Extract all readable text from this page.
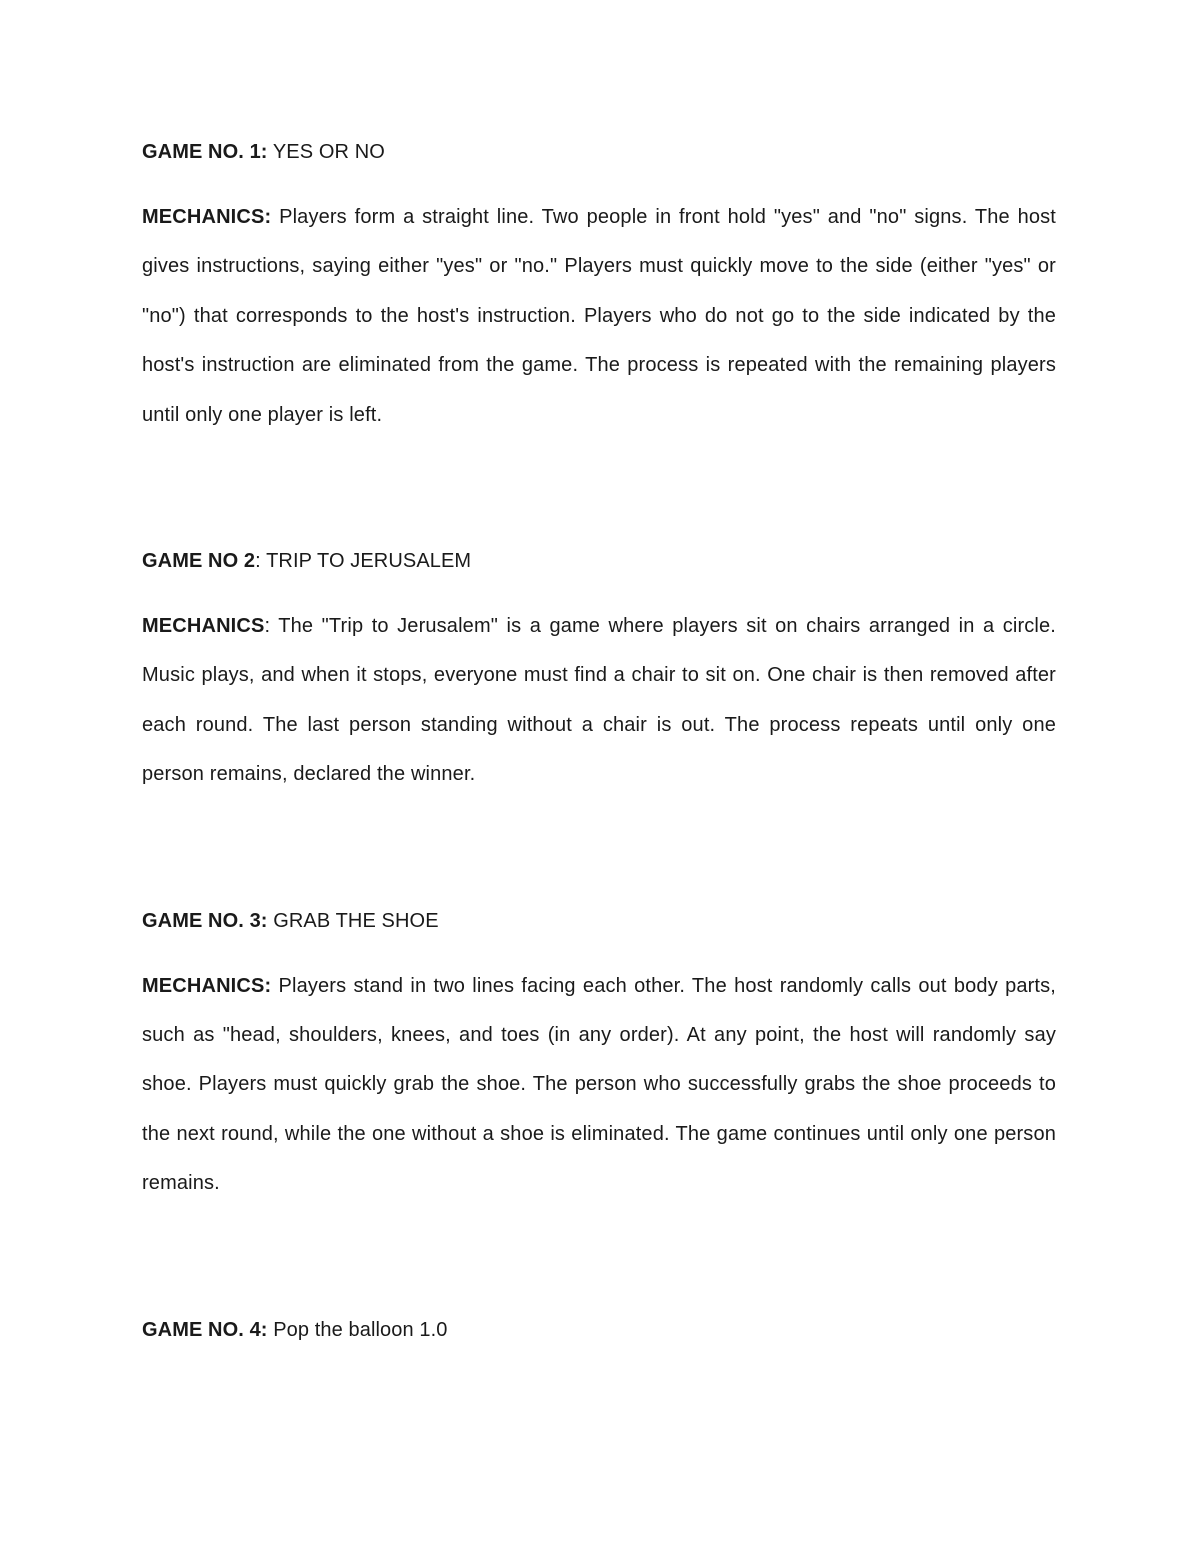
GAME NO. 1: YES OR NO

MECHANICS: Players form a straight line. Two people in front hold "yes" and "no" signs. The host gives instructions, saying either "yes" or "no." Players must quickly move to the side (either "yes" or "no") that corresponds to the host's instruction. Players who do not go to the side indicated by the host's instruction are eliminated from the game. The process is repeated with the remaining players until only one player is left.

GAME NO 2: TRIP TO JERUSALEM

MECHANICS: The "Trip to Jerusalem" is a game where players sit on chairs arranged in a circle. Music plays, and when it stops, everyone must find a chair to sit on. One chair is then removed after each round. The last person standing without a chair is out. The process repeats until only one person remains, declared the winner.

GAME NO. 3: GRAB THE SHOE

MECHANICS: Players stand in two lines facing each other. The host randomly calls out body parts, such as "head, shoulders, knees, and toes (in any order). At any point, the host will randomly say shoe. Players must quickly grab the shoe. The person who successfully grabs the shoe proceeds to the next round, while the one without a shoe is eliminated. The game continues until only one person remains.

GAME NO. 4: Pop the balloon 1.0
